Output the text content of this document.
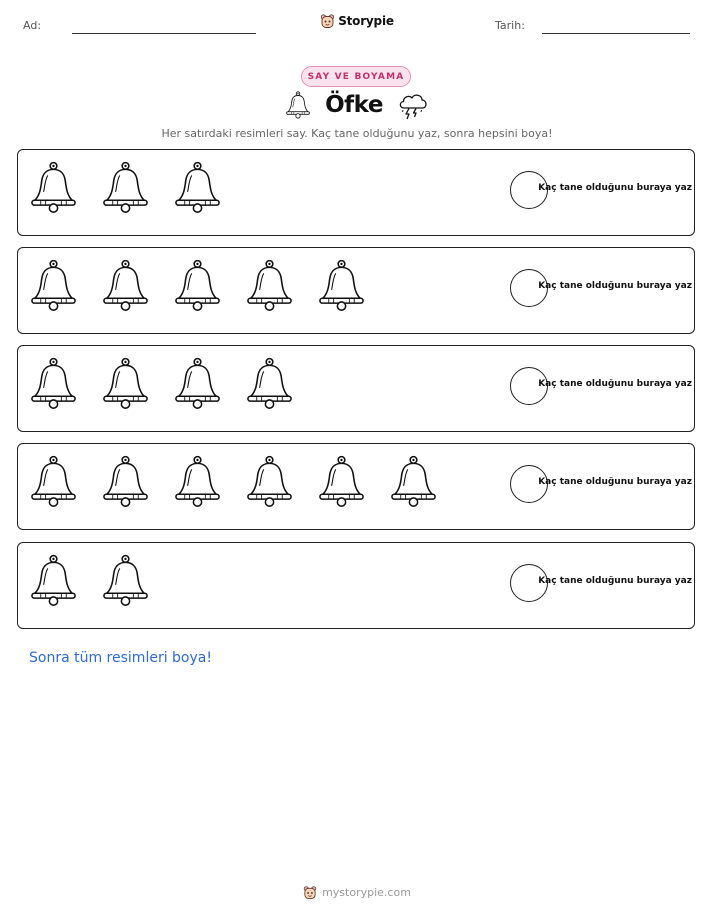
Ad:	Storypie	Tarih:
SAY VE BOYAMA
Öfke
Her satırdaki resimleri say. Kaç tane olduğunu yaz, sonra hepsini boya!
Kaç tane olduğunu buraya yaz
Kaç tane olduğunu buraya yaz
Kaç tane olduğunu buraya yaz
Kaç tane olduğunu buraya yaz
Kaç tane olduğunu buraya yaz
Sonra tüm resimleri boya!
mystorypie.com
